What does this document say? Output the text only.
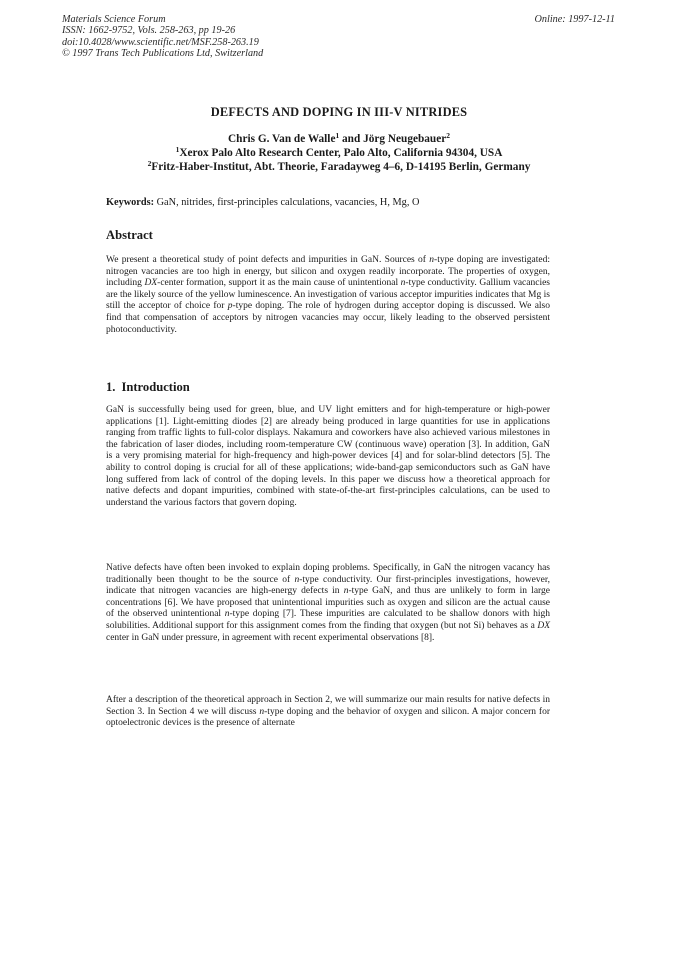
Materials Science Forum
ISSN: 1662-9752, Vols. 258-263, pp 19-26
doi:10.4028/www.scientific.net/MSF.258-263.19
© 1997 Trans Tech Publications Ltd, Switzerland
Online: 1997-12-11
DEFECTS AND DOPING IN III-V NITRIDES
Chris G. Van de Walle$^1$ and Jörg Neugebauer$^2$
$^1$Xerox Palo Alto Research Center, Palo Alto, California 94304, USA
$^2$Fritz-Haber-Institut, Abt. Theorie, Faradayweg 4–6, D-14195 Berlin, Germany
Keywords: GaN, nitrides, first-principles calculations, vacancies, H, Mg, O
Abstract

We present a theoretical study of point defects and impurities in GaN. Sources of n-type doping are investigated: nitrogen vacancies are too high in energy, but silicon and oxygen readily incorporate. The properties of oxygen, including DX-center formation, support it as the main cause of unintentional n-type conductivity. Gallium vacancies are the likely source of the yellow luminescence. An investigation of various acceptor impurities indicates that Mg is still the acceptor of choice for p-type doping. The role of hydrogen during acceptor doping is discussed. We also find that compensation of acceptors by nitrogen vacancies may occur, likely leading to the observed persistent photoconductivity.

1. Introduction

GaN is successfully being used for green, blue, and UV light emitters and for high-temperature or high-power applications [1]. Light-emitting diodes [2] are already being produced in large quantities for use in applications ranging from traffic lights to full-color displays. Nakamura and coworkers have also achieved various milestones in the fabrication of laser diodes, including room-temperature CW (continuous wave) operation [3]. In addition, GaN is a very promising material for high-frequency and high-power devices [4] and for solar-blind detectors [5]. The ability to control doping is crucial for all of these applications; wide-band-gap semiconductors such as GaN have long suffered from lack of control of the doping levels. In this paper we discuss how a theoretical approach for native defects and dopant impurities, combined with state-of-the-art first-principles calculations, can be used to understand the various factors that govern doping.

Native defects have often been invoked to explain doping problems. Specifically, in GaN the nitrogen vacancy has traditionally been thought to be the source of n-type conductivity. Our first-principles investigations, however, indicate that nitrogen vacancies are high-energy defects in n-type GaN, and thus are unlikely to form in large concentrations [6]. We have proposed that unintentional impurities such as oxygen and silicon are the actual cause of the observed unintentional n-type doping [7]. These impurities are calculated to be shallow donors with high solubilities. Additional support for this assignment comes from the finding that oxygen (but not Si) behaves as a DX center in GaN under pressure, in agreement with recent experimental observations [8].

After a description of the theoretical approach in Section 2, we will summarize our main results for native defects in Section 3. In Section 4 we will discuss n-type doping and the behavior of oxygen and silicon. A major concern for optoelectronic devices is the presence of alternate
